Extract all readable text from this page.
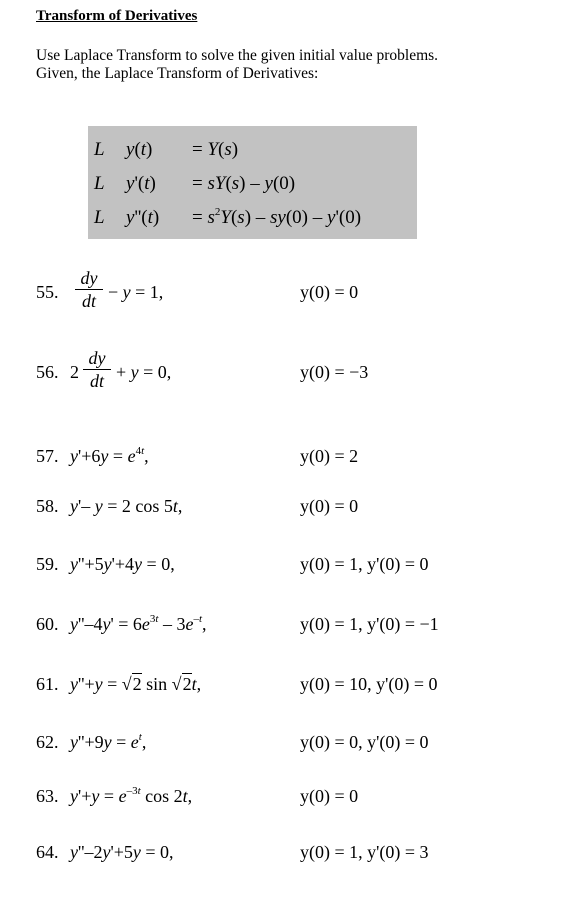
Transform of Derivatives
Use Laplace Transform to solve the given initial value problems.
Given, the Laplace Transform of Derivatives:
L y(t) = Y(s)
L y'(t) = sY(s) – y(0)
L $y''(t) = s^2Y(s) - sy(0) - y'(0)$
55.
dy
dt − y = 1,	y(0) = 0
56. 2
dy
dt + y = 0,	y(0) = −3
57. $y'+6y = e^{4t}$,	y(0) = 2
58. y'– y = 2 cos 5t,	y(0) = 0
59. y''+5y'+4y = 0,	y(0) = 1, y'(0) = 0
60. $y''-4y' = 6e^{3t} - 3e^{-t}$,	y(0) = 1, y'(0) = −1
61. y''+y = √2 sin √2t,	y(0) = 10, y'(0) = 0
62. $y''+9y = e^t$,	y(0) = 0, y'(0) = 0
63. $y'+y = e^{-3t}$ cos 2t,	y(0) = 0
64. y''–2y'+5y = 0,	y(0) = 1, y'(0) = 3
